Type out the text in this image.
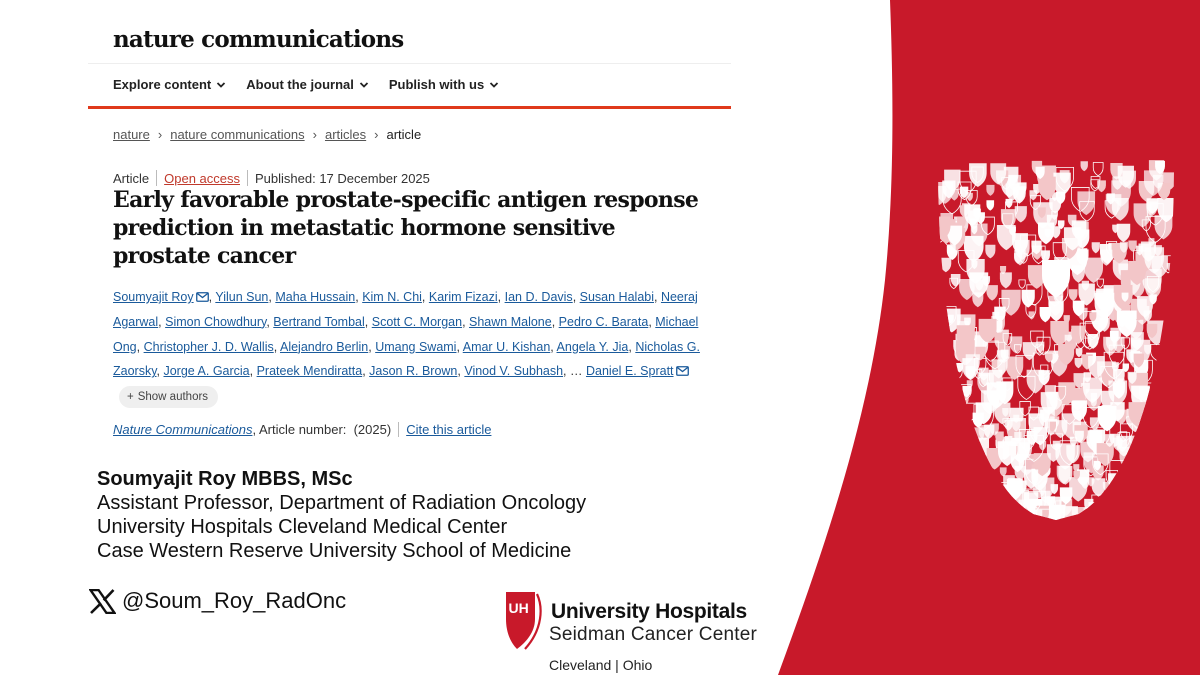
nature communications
Explore content	About the journal	Publish with us
nature › nature communications › articles › article
Article Open access Published: 17 December 2025
Early favorable prostate-specific antigen response prediction in metastatic hormone sensitive prostate cancer
Soumyajit Roy , Yilun Sun, Maha Hussain, Kim N. Chi, Karim Fizazi, Ian D. Davis, Susan Halabi, Neeraj Agarwal, Simon Chowdhury, Bertrand Tombal, Scott C. Morgan, Shawn Malone, Pedro C. Barata, Michael Ong, Christopher J. D. Wallis, Alejandro Berlin, Umang Swami, Amar U. Kishan, Angela Y. Jia, Nicholas G. Zaorsky, Jorge A. Garcia, Prateek Mendiratta, Jason R. Brown, Vinod V. Subhash, … Daniel E. Spratt
+ Show authors
Nature Communications , Article number:  (2025) Cite this article
Soumyajit Roy MBBS, MSc
Assistant Professor, Department of Radiation Oncology
University Hospitals Cleveland Medical Center
Case Western Reserve University School of Medicine
@Soum_Roy_RadOnc	UH University Hospitals
Seidman Cancer Center
Cleveland | Ohio
